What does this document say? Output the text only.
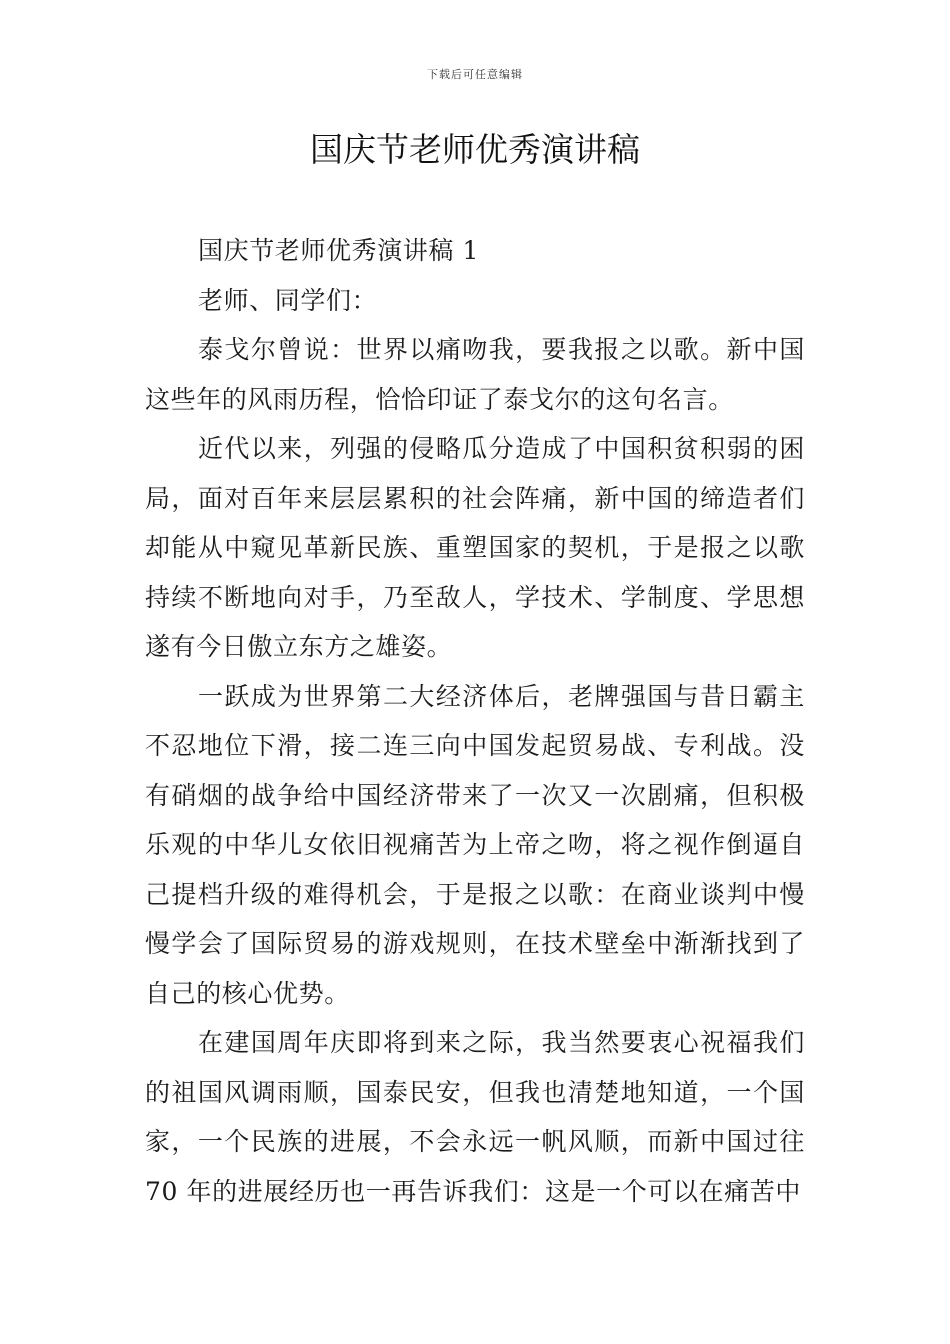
下载后可任意编辑
国庆节老师优秀演讲稿

国庆节老师优秀演讲稿 1

老师、同学们：

泰戈尔曾说：世界以痛吻我，要我报之以歌。新中国这些年的风雨历程，恰恰印证了泰戈尔的这句名言。

近代以来，列强的侵略瓜分造成了中国积贫积弱的困局，面对百年来层层累积的社会阵痛，新中国的缔造者们却能从中窥见革新民族、重塑国家的契机，于是报之以歌持续不断地向对手，乃至敌人，学技术、学制度、学思想遂有今日傲立东方之雄姿。

一跃成为世界第二大经济体后，老牌强国与昔日霸主不忍地位下滑，接二连三向中国发起贸易战、专利战。没有硝烟的战争给中国经济带来了一次又一次剧痛，但积极乐观的中华儿女依旧视痛苦为上帝之吻，将之视作倒逼自己提档升级的难得机会，于是报之以歌：在商业谈判中慢慢学会了国际贸易的游戏规则，在技术壁垒中渐渐找到了自己的核心优势。

在建国周年庆即将到来之际，我当然要衷心祝福我们的祖国风调雨顺，国泰民安，但我也清楚地知道，一个国家，一个民族的进展，不会永远一帆风顺，而新中国过往70 年的进展经历也一再告诉我们：这是一个可以在痛苦中
